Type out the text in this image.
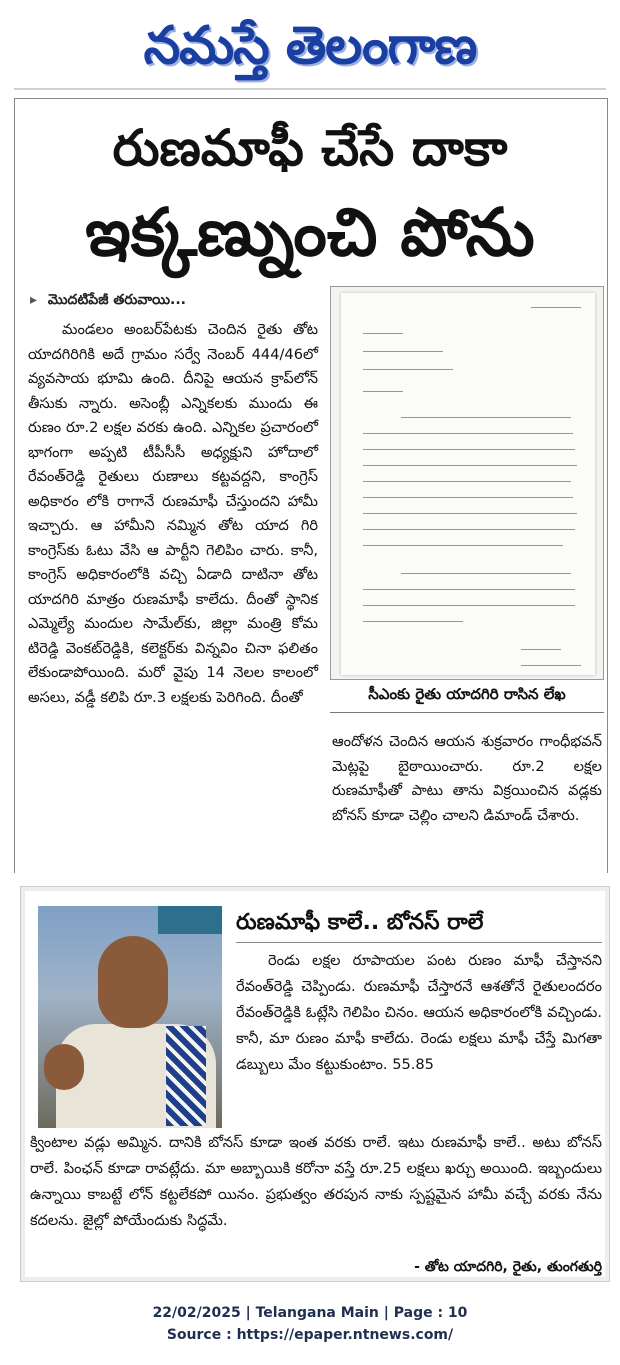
నమస్తే తెలంగాణ
రుణమాఫీ చేసే దాకా
ఇక్కణ్నుంచి పోను
▸ మొదటిపేజీ తరువాయి...

మండలం అంబర్‌పేటకు చెందిన రైతు తోట యాదగిరిగికి అదే గ్రామం సర్వే నెంబర్ 444/46లో వ్యవసాయ భూమి ఉంది. దీనిపై ఆయన క్రాప్‌లోన్ తీసుకు న్నారు. అసెంబ్లీ ఎన్నికలకు ముందు ఈ రుణం రూ.2 లక్షల వరకు ఉంది. ఎన్నికల ప్రచారంలో భాగంగా అప్పటి టీపీసీసీ అధ్యక్షుని హోదాలో రేవంత్‌రెడ్డి రైతులు రుణాలు కట్టవద్దని, కాంగ్రెస్ అధికారం లోకి రాగానే రుణమాఫీ చేస్తుందని హామీ ఇచ్చారు. ఆ హామీని నమ్మిన తోట యాద గిరి కాంగ్రెస్‌కు ఓటు వేసి ఆ పార్టీని గెలిపిం చారు. కానీ, కాంగ్రెస్ అధికారంలోకి వచ్చి ఏడాది దాటినా తోట యాదగిరి మాత్రం రుణమాఫీ కాలేదు. దీంతో స్థానిక ఎమ్మెల్యే మందుల సామేల్‌కు, జిల్లా మంత్రి కోమ టిరెడ్డి వెంకట్‌రెడ్డికి, కలెక్టర్‌కు విన్నవిం చినా ఫలితం లేకుండాపోయింది. మరో వైపు 14 నెలల కాలంలో అసలు, వడ్డీ కలిపి రూ.3 లక్షలకు పెరిగింది. దీంతో	సీఎంకు రైతు యాదగిరి రాసిన లేఖ
ఆందోళన చెందిన ఆయన శుక్రవారం గాంధీభవన్ మెట్లపై బైఠాయించారు. రూ.2 లక్షల రుణమాఫీతో పాటు తాను విక్రయించిన వడ్లకు బోనస్ కూడా చెల్లిం చాలని డిమాండ్ చేశారు.
రుణమాఫీ కాలే.. బోనస్ రాలే

రెండు లక్షల రూపాయల పంట రుణం మాఫీ చేస్తానని రేవంత్‌రెడ్డి చెప్పిండు. రుణమాఫీ చేస్తారనే ఆశతోనే రైతులందరం రేవంత్‌రెడ్డికి ఓట్లేసి గెలిపిం చినం. ఆయన అధికారంలోకి వచ్చిండు. కానీ, మా రుణం మాఫీ కాలేదు. రెండు లక్షలు మాఫీ చేస్తే మిగతా డబ్బులు మేం కట్టుకుంటాం. 55.85

క్వింటాల వడ్లు అమ్మిన. దానికి బోనస్ కూడా ఇంత వరకు రాలే. ఇటు రుణమాఫీ కాలే.. అటు బోనస్ రాలే. పింఛన్ కూడా రావట్లేదు. మా అబ్బాయికి కరోనా వస్తే రూ.25 లక్షలు ఖర్చు అయింది. ఇబ్బందులు ఉన్నాయి కాబట్టే లోన్ కట్టలేకపో యినం. ప్రభుత్వం తరపున నాకు స్పష్టమైన హామీ వచ్చే వరకు నేను కదలను. జైల్లో పోయేందుకు సిద్ధమే.
- తోట యాదగిరి, రైతు, తుంగతుర్తి
22/02/2025 | Telangana Main | Page : 10
Source : https://epaper.ntnews.com/
